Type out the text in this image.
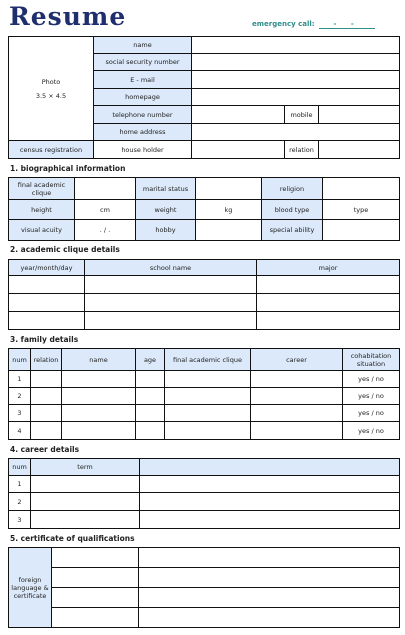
Resume	emergency call:	- -
Photo
3.5 × 4.5	name			
	social security number			
	E - mail			
	homepage			
	telephone number		mobile	
	home address			
census registration	house holder		relation	
1. biographical information
final academic clique		marital status		religion	
height	cm	weight	kg	blood type	type
visual acuity	. / .	hobby		special ability	
2. academic clique details
year/month/day	school name	major

3. family details
num	relation	name	age	final academic clique	career	cohabitation situation
1						yes / no
2						yes / no
3						yes / no
4						yes / no
4. career details
num	term	
1		
2		
3		
5. certificate of qualifications
foreign language & certificate		
